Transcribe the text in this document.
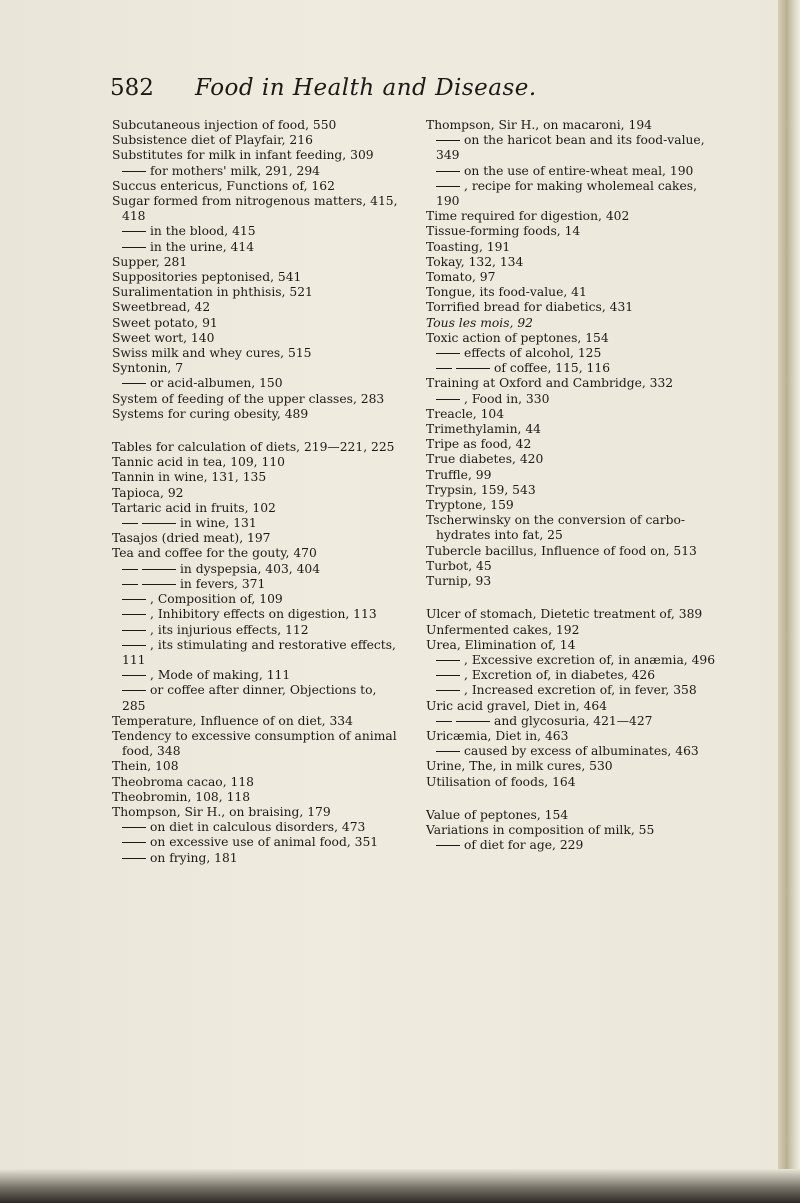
582 Food in Health and Disease.
Subcutaneous injection of food, 550
Subsistence diet of Playfair, 216
Substitutes for milk in infant feeding, 309
for mothers' milk, 291, 294
Succus entericus, Functions of, 162
Sugar formed from nitrogenous matters, 415, 418
in the blood, 415
in the urine, 414
Supper, 281
Suppositories peptonised, 541
Suralimentation in phthisis, 521
Sweetbread, 42
Sweet potato, 91
Sweet wort, 140
Swiss milk and whey cures, 515
Syntonin, 7
or acid-albumen, 150
System of feeding of the upper classes, 283
Systems for curing obesity, 489
Tables for calculation of diets, 219—221, 225
Tannic acid in tea, 109, 110
Tannin in wine, 131, 135
Tapioca, 92
Tartaric acid in fruits, 102
in wine, 131
Tasajos (dried meat), 197
Tea and coffee for the gouty, 470
in dyspepsia, 403, 404
in fevers, 371
, Composition of, 109
, Inhibitory effects on digestion, 113
, its injurious effects, 112
, its stimulating and restorative effects, 111
, Mode of making, 111
or coffee after dinner, Objections to, 285
Temperature, Influence of on diet, 334
Tendency to excessive consumption of animal food, 348
Thein, 108
Theobroma cacao, 118
Theobromin, 108, 118
Thompson, Sir H., on braising, 179
on diet in calculous disorders, 473
on excessive use of animal food, 351
on frying, 181
Thompson, Sir H., on macaroni, 194
on the haricot bean and its food-value, 349
on the use of entire-wheat meal, 190
, recipe for making wholemeal cakes, 190
Time required for digestion, 402
Tissue-forming foods, 14
Toasting, 191
Tokay, 132, 134
Tomato, 97
Tongue, its food-value, 41
Torrified bread for diabetics, 431
Tous les mois, 92
Toxic action of peptones, 154
effects of alcohol, 125
of coffee, 115, 116
Training at Oxford and Cambridge, 332
, Food in, 330
Treacle, 104
Trimethylamin, 44
Tripe as food, 42
True diabetes, 420
Truffle, 99
Trypsin, 159, 543
Tryptone, 159
Tscherwinsky on the conversion of carbo-hydrates into fat, 25
Tubercle bacillus, Influence of food on, 513
Turbot, 45
Turnip, 93
Ulcer of stomach, Dietetic treatment of, 389
Unfermented cakes, 192
Urea, Elimination of, 14
, Excessive excretion of, in anæmia, 496
, Excretion of, in diabetes, 426
, Increased excretion of, in fever, 358
Uric acid gravel, Diet in, 464
and glycosuria, 421—427
Uricæmia, Diet in, 463
caused by excess of albuminates, 463
Urine, The, in milk cures, 530
Utilisation of foods, 164
Value of peptones, 154
Variations in composition of milk, 55
of diet for age, 229
